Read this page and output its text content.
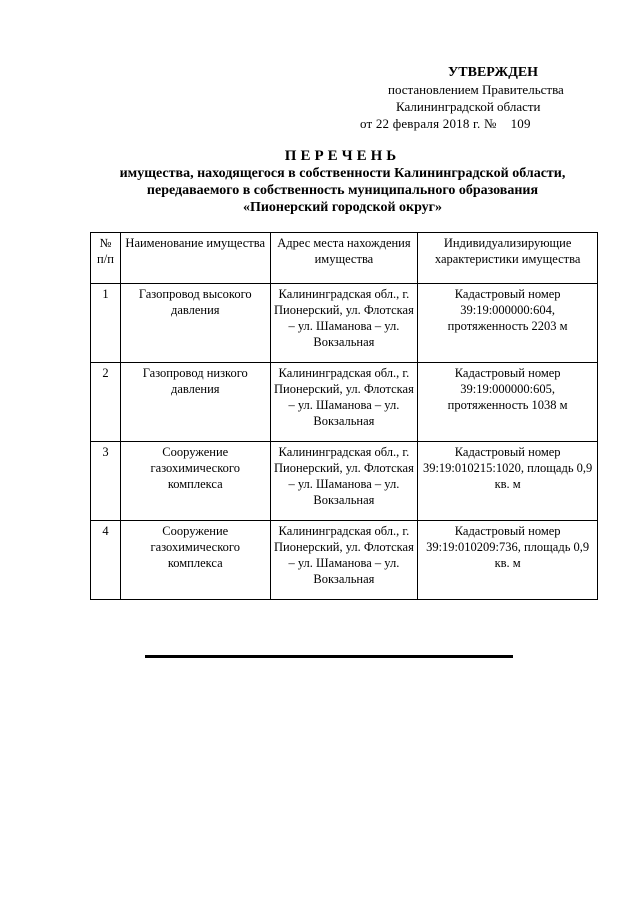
УТВЕРЖДЕН
постановлением Правительства
Калининградской области
от 22 февраля 2018 г. № 109
ПЕРЕЧЕНЬ
имущества, находящегося в собственности Калининградской области,
передаваемого в собственность муниципального образования
«Пионерский городской округ»
№ п/п	Наименование имущества	Адрес места нахождения имущества	Индивидуализирующие характеристики имущества
1	Газопровод высокого давления	Калининградская обл., г. Пионерский, ул. Флотская – ул. Шаманова – ул. Вокзальная	Кадастровый номер 39:19:000000:604, протяженность 2203 м
2	Газопровод низкого давления	Калининградская обл., г. Пионерский, ул. Флотская – ул. Шаманова – ул. Вокзальная	Кадастровый номер 39:19:000000:605, протяженность 1038 м
3	Сооружение газохимического комплекса	Калининградская обл., г. Пионерский, ул. Флотская – ул. Шаманова – ул. Вокзальная	Кадастровый номер 39:19:010215:1020, площадь 0,9 кв. м
4	Сооружение газохимического комплекса	Калининградская обл., г. Пионерский, ул. Флотская – ул. Шаманова – ул. Вокзальная	Кадастровый номер 39:19:010209:736, площадь 0,9 кв. м
